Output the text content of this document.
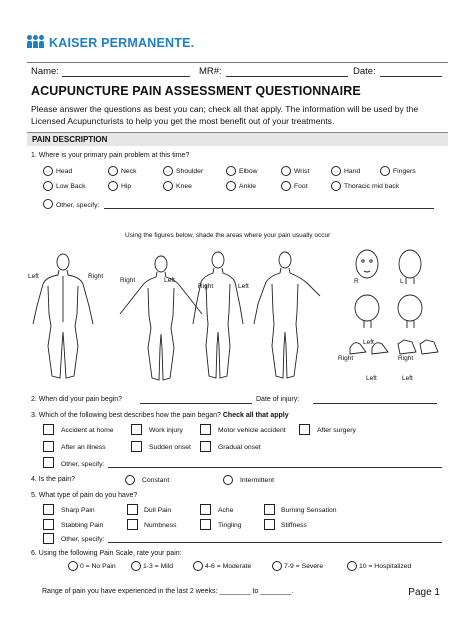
KAISER PERMANENTE.
Name:	MR#:	Date:
ACUPUNCTURE PAIN ASSESSMENT QUESTIONNAIRE
Please answer the questions as best you can; check all that apply. The information will be used by the Licensed Acupuncturists to help you get the most benefit out of your treatments.
PAIN DESCRIPTION
1. Where is your primary pain problem at this time?
Head	Neck	Shoulder	Elbow	Wrist	Hand	Fingers
Low Back	Hip	Knee	Ankle	Foot	Thoracic mid back
Other, specify:
Using the figures below, shade the areas where your pain usually occur
Left	Right
Right	Left
Right	Left
R	L
Right
Left
Left
Right
Left
2. When did your pain begin?	Date of injury:
3. Which of the following best describes how the pain began? Check all that apply
Accident at home	Work injury	Motor vehicle accident	After surgery
After an illness	Sudden onset	Gradual onset
Other, specify:
4. Is the pain?	Constant	Intermittent
5. What type of pain do you have?
Sharp Pain	Dull Pain	Ache	Burning Sensation
Stabbing Pain	Numbness	Tingling	Stiffness
Other, specify:
6. Using the following Pain Scale, rate your pain:
0 = No Pain	1-3 = Mild	4-6 = Moderate	7-9 = Severe	10 = Hospitalized
Range of pain you have experienced in the last 2 weeks: ________ to ________.	Page 1
